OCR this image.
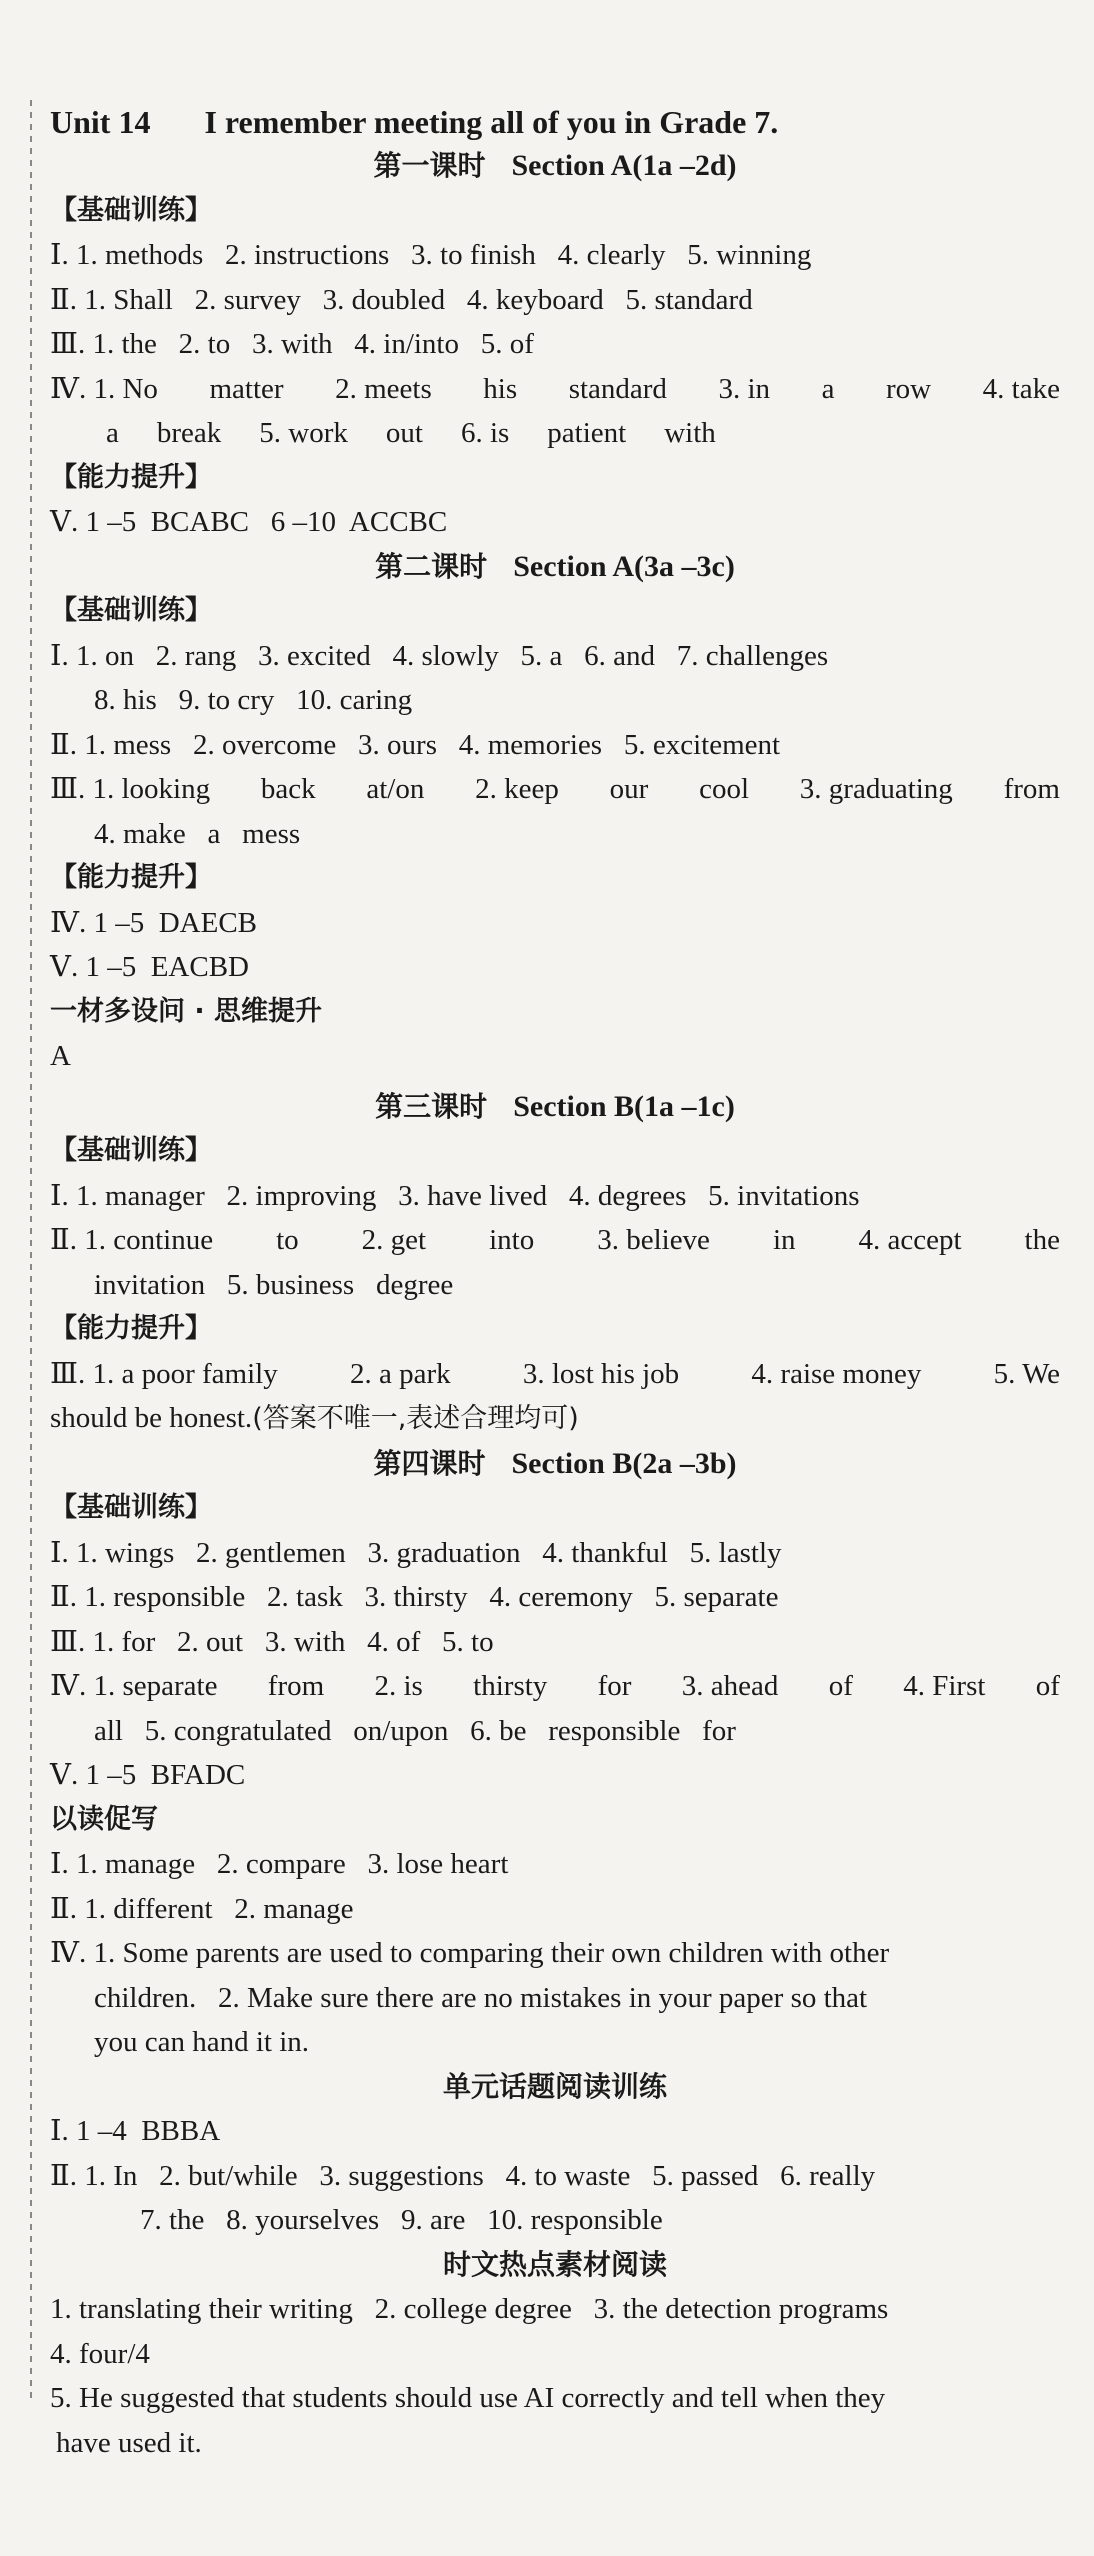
Unit 14 I remember meeting all of you in Grade 7.
第一课时 Section A(1a –2d)
【基础训练】
Ⅰ. 1. methods   2. instructions   3. to finish   4. clearly   5. winning
Ⅱ. 1. Shall   2. survey   3. doubled   4. keyboard   5. standard
Ⅲ. 1. the   2. to   3. with   4. in/into   5. of
Ⅳ. 1. No matter 2. meets his standard 3. in a row 4. take
a break 5. work out 6. is patient with
【能力提升】
Ⅴ. 1 –5  BCABC   6 –10  ACCBC
第二课时 Section A(3a –3c)
【基础训练】
Ⅰ. 1. on   2. rang   3. excited   4. slowly   5. a   6. and   7. challenges
8. his   9. to cry   10. caring
Ⅱ. 1. mess   2. overcome   3. ours   4. memories   5. excitement
Ⅲ. 1. looking back at/on 2. keep our cool 3. graduating from
4. make   a   mess
【能力提升】
Ⅳ. 1 –5  DAECB
Ⅴ. 1 –5  EACBD
一材多设问 · 思维提升
A
第三课时 Section B(1a –1c)
【基础训练】
Ⅰ. 1. manager   2. improving   3. have lived   4. degrees   5. invitations
Ⅱ. 1. continue to 2. get into 3. believe in 4. accept the
invitation   5. business   degree
【能力提升】
Ⅲ. 1. a poor family 2. a park 3. lost his job 4. raise money 5. We
should be honest.(答案不唯一,表述合理均可)
第四课时 Section B(2a –3b)
【基础训练】
Ⅰ. 1. wings   2. gentlemen   3. graduation   4. thankful   5. lastly
Ⅱ. 1. responsible   2. task   3. thirsty   4. ceremony   5. separate
Ⅲ. 1. for   2. out   3. with   4. of   5. to
Ⅳ. 1. separate from 2. is thirsty for 3. ahead of 4. First of
all   5. congratulated   on/upon   6. be   responsible   for
Ⅴ. 1 –5  BFADC
以读促写
Ⅰ. 1. manage   2. compare   3. lose heart
Ⅱ. 1. different   2. manage
Ⅳ. 1. Some parents are used to comparing their own children with other
children.   2. Make sure there are no mistakes in your paper so that
you can hand it in.
单元话题阅读训练
Ⅰ. 1 –4  BBBA
Ⅱ. 1. In   2. but/while   3. suggestions   4. to waste   5. passed   6. really
7. the   8. yourselves   9. are   10. responsible
时文热点素材阅读
1. translating their writing   2. college degree   3. the detection programs
4. four/4
5. He suggested that students should use AI correctly and tell when they
have used it.
